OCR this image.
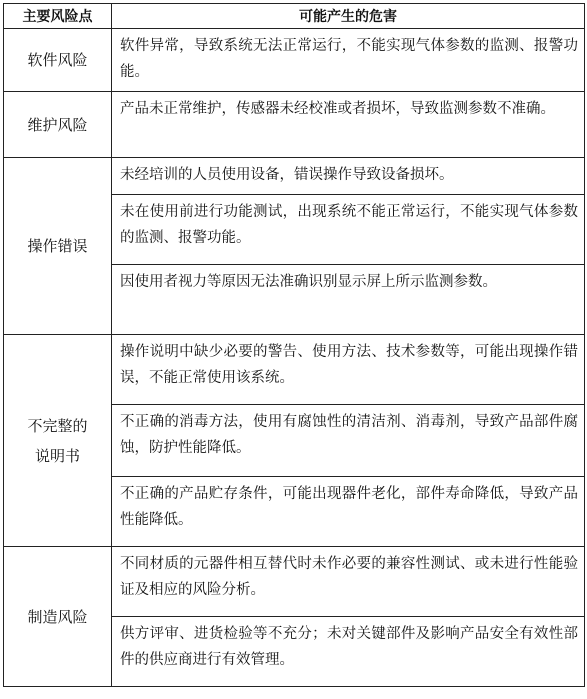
主要风险点	可能产生的危害
软件风险	软件异常，导致系统无法正常运行，不能实现气体参数的监测、报警功能。
维护风险	产品未正常维护，传感器未经校准或者损坏，导致监测参数不准确。
操作错误	未经培训的人员使用设备，错误操作导致设备损坏。
	未在使用前进行功能测试，出现系统不能正常运行，不能实现气体参数的监测、报警功能。
	因使用者视力等原因无法准确识别显示屏上所示监测参数。
不完整的说明书	操作说明中缺少必要的警告、使用方法、技术参数等，可能出现操作错误，不能正常使用该系统。
	不正确的消毒方法，使用有腐蚀性的清洁剂、消毒剂，导致产品部件腐蚀，防护性能降低。
	不正确的产品贮存条件，可能出现器件老化，部件寿命降低，导致产品性能降低。
制造风险	不同材质的元器件相互替代时未作必要的兼容性测试、或未进行性能验证及相应的风险分析。
	供方评审、进货检验等不充分；未对关键部件及影响产品安全有效性部件的供应商进行有效管理。
